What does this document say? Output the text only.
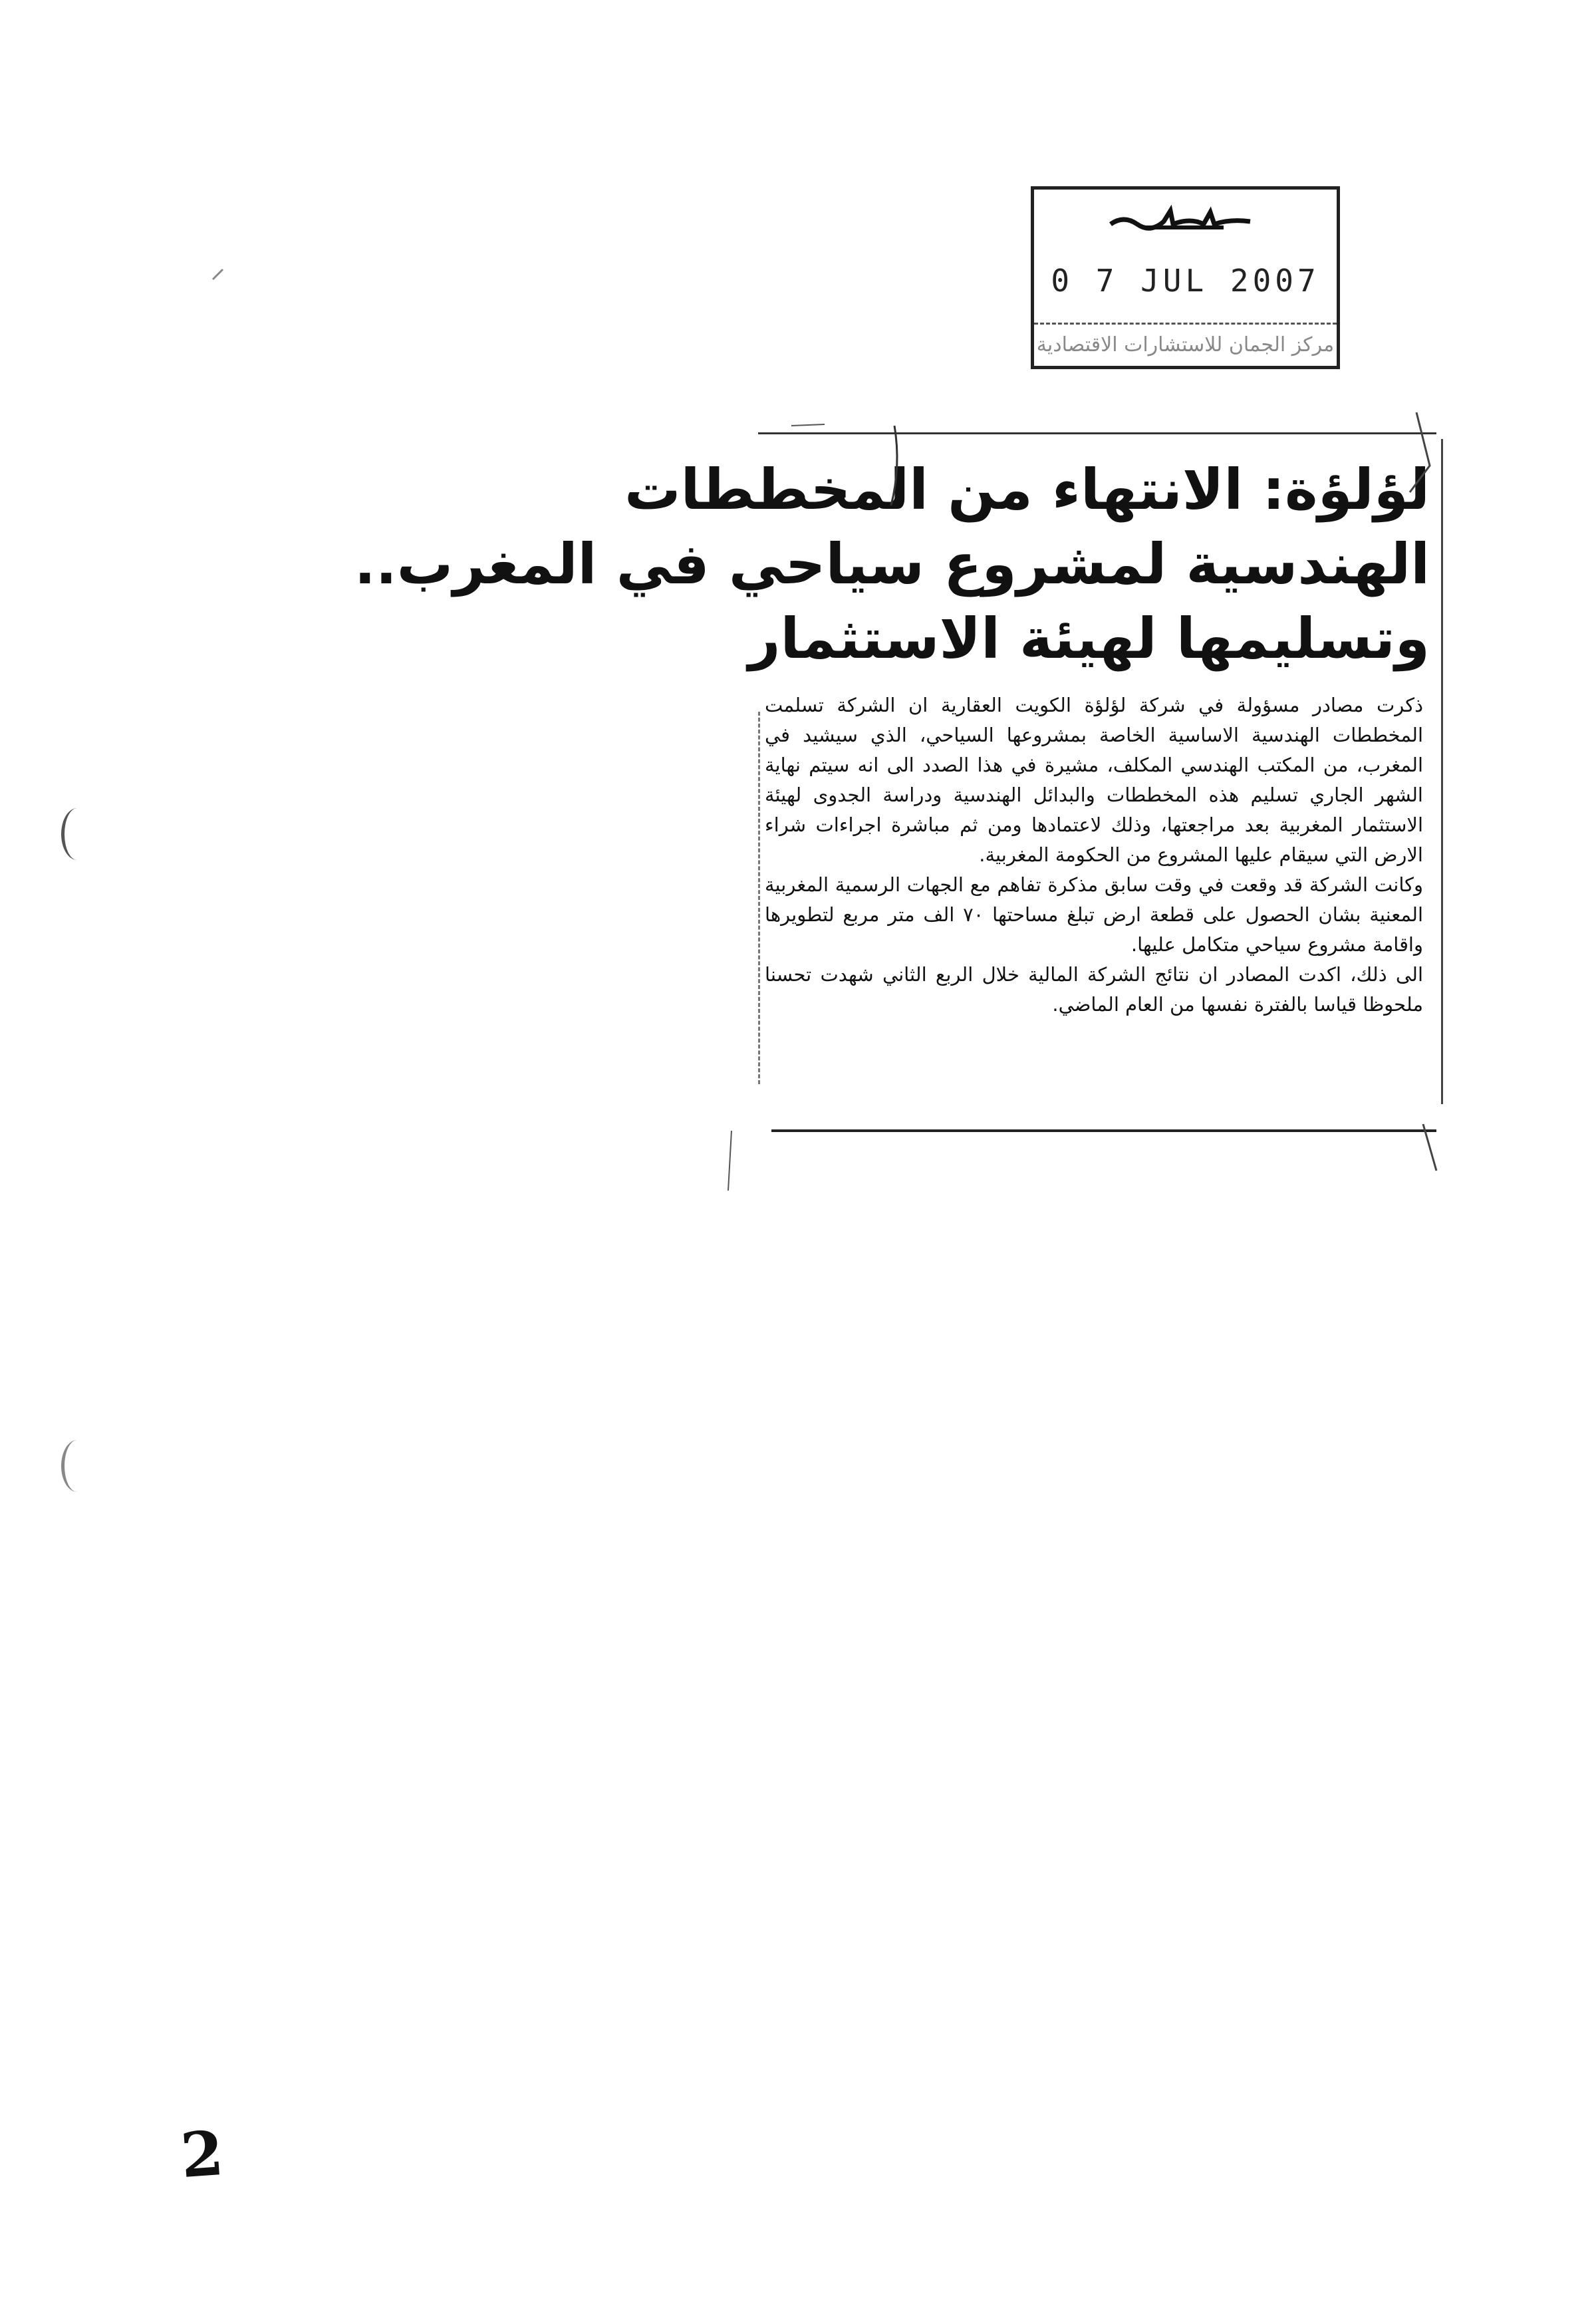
0 7 JUL 2007
مركز الجمان للاستشارات الاقتصادية
لؤلؤة: الانتهاء من المخططات
الهندسية لمشروع سياحي في المغرب..
وتسليمها لهيئة الاستثمار

ذكرت مصادر مسؤولة في شركة لؤلؤة الكويت العقارية ان الشركة تسلمت المخططات الهندسية الاساسية الخاصة بمشروعها السياحي، الذي سيشيد في المغرب، من المكتب الهندسي المكلف، مشيرة في هذا الصدد الى انه سيتم نهاية الشهر الجاري تسليم هذه المخططات والبدائل الهندسية ودراسة الجدوى لهيئة الاستثمار المغربية بعد مراجعتها، وذلك لاعتمادها ومن ثم مباشرة اجراءات شراء الارض التي سيقام عليها المشروع من الحكومة المغربية.

وكانت الشركة قد وقعت في وقت سابق مذكرة تفاهم مع الجهات الرسمية المغربية المعنية بشان الحصول على قطعة ارض تبلغ مساحتها ٧٠ الف متر مربع لتطويرها واقامة مشروع سياحي متكامل عليها.

الى ذلك، اكدت المصادر ان نتائج الشركة المالية خلال الربع الثاني شهدت تحسنا ملحوظا قياسا بالفترة نفسها من العام الماضي.

2
